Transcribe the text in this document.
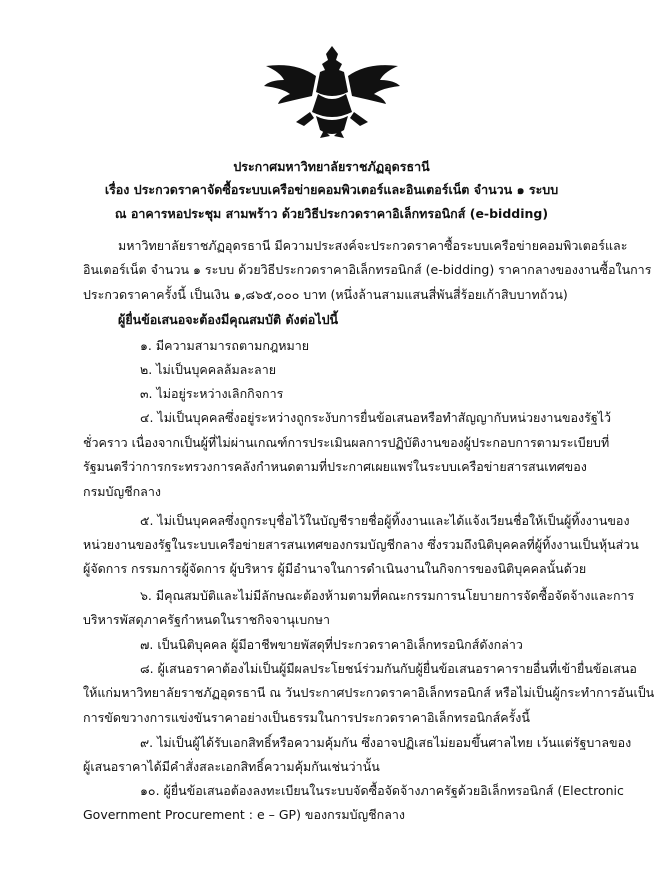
ประกาศมหาวิทยาลัยราชภัฏอุดรธานี
เรื่อง ประกวดราคาจัดซื้อระบบเครือข่ายคอมพิวเตอร์และอินเตอร์เน็ต จำนวน ๑ ระบบ
ณ อาคารหอประชุม สามพร้าว ด้วยวิธีประกวดราคาอิเล็กทรอนิกส์ (e-bidding)
มหาวิทยาลัยราชภัฏอุดรธานี มีความประสงค์จะประกวดราคาซื้อระบบเครือข่ายคอมพิวเตอร์และ
อินเตอร์เน็ต จำนวน ๑ ระบบ ด้วยวิธีประกวดราคาอิเล็กทรอนิกส์ (e-bidding) ราคากลางของงานซื้อในการ
ประกวดราคาครั้งนี้ เป็นเงิน ๑,๘๖๕,๐๐๐ บาท (หนึ่งล้านสามแสนสี่พันสี่ร้อยเก้าสิบบาทถ้วน)
ผู้ยื่นข้อเสนอจะต้องมีคุณสมบัติ ดังต่อไปนี้
๑. มีความสามารถตามกฎหมาย
๒. ไม่เป็นบุคคลล้มละลาย
๓. ไม่อยู่ระหว่างเลิกกิจการ
๔. ไม่เป็นบุคคลซึ่งอยู่ระหว่างถูกระงับการยื่นข้อเสนอหรือทำสัญญากับหน่วยงานของรัฐไว้
ชั่วคราว เนื่องจากเป็นผู้ที่ไม่ผ่านเกณฑ์การประเมินผลการปฏิบัติงานของผู้ประกอบการตามระเบียบที่
รัฐมนตรีว่าการกระทรวงการคลังกำหนดตามที่ประกาศเผยแพร่ในระบบเครือข่ายสารสนเทศของ
กรมบัญชีกลาง
๕. ไม่เป็นบุคคลซึ่งถูกระบุชื่อไว้ในบัญชีรายชื่อผู้ทิ้งงานและได้แจ้งเวียนชื่อให้เป็นผู้ทิ้งงานของ
หน่วยงานของรัฐในระบบเครือข่ายสารสนเทศของกรมบัญชีกลาง ซึ่งรวมถึงนิติบุคคลที่ผู้ทิ้งงานเป็นหุ้นส่วน
ผู้จัดการ กรรมการผู้จัดการ ผู้บริหาร ผู้มีอำนาจในการดำเนินงานในกิจการของนิติบุคคลนั้นด้วย
๖. มีคุณสมบัติและไม่มีลักษณะต้องห้ามตามที่คณะกรรมการนโยบายการจัดซื้อจัดจ้างและการ
บริหารพัสดุภาครัฐกำหนดในราชกิจจานุเบกษา
๗. เป็นนิติบุคคล ผู้มีอาชีพขายพัสดุที่ประกวดราคาอิเล็กทรอนิกส์ดังกล่าว
๘. ผู้เสนอราคาต้องไม่เป็นผู้มีผลประโยชน์ร่วมกันกับผู้ยื่นข้อเสนอราคารายอื่นที่เข้ายื่นข้อเสนอ
ให้แก่มหาวิทยาลัยราชภัฏอุดรธานี ณ วันประกาศประกวดราคาอิเล็กทรอนิกส์ หรือไม่เป็นผู้กระทำการอันเป็น
การขัดขวางการแข่งขันราคาอย่างเป็นธรรมในการประกวดราคาอิเล็กทรอนิกส์ครั้งนี้
๙. ไม่เป็นผู้ได้รับเอกสิทธิ์หรือความคุ้มกัน ซึ่งอาจปฏิเสธไม่ยอมขึ้นศาลไทย เว้นแต่รัฐบาลของ
ผู้เสนอราคาได้มีคำสั่งสละเอกสิทธิ์ความคุ้มกันเช่นว่านั้น
๑๐. ผู้ยื่นข้อเสนอต้องลงทะเบียนในระบบจัดซื้อจัดจ้างภาครัฐด้วยอิเล็กทรอนิกส์ (Electronic
Government Procurement : e – GP) ของกรมบัญชีกลาง
